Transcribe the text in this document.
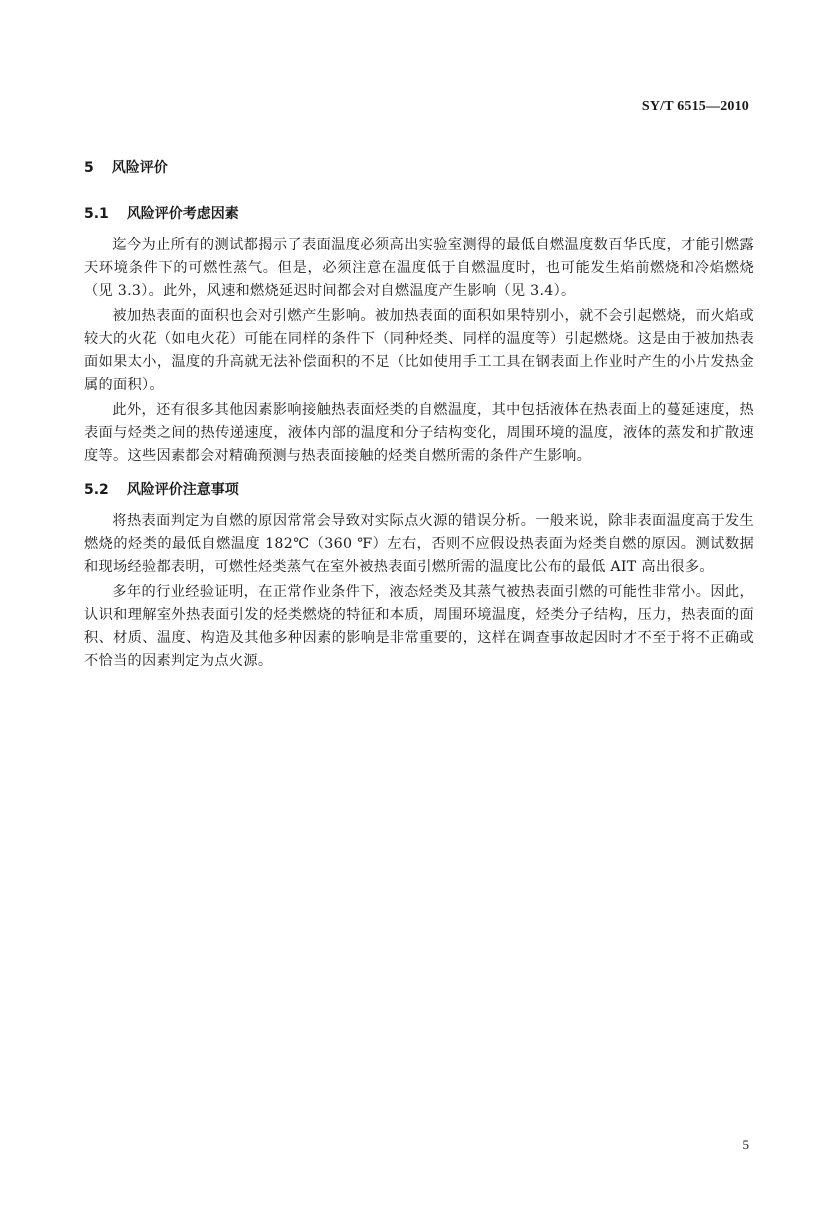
SY/T 6515—2010
5 风险评价
5.1 风险评价考虑因素

迄今为止所有的测试都揭示了表面温度必须高出实验室测得的最低自燃温度数百华氏度，才能引燃露天环境条件下的可燃性蒸气。但是，必须注意在温度低于自燃温度时，也可能发生焰前燃烧和冷焰燃烧（见 3.3）。此外，风速和燃烧延迟时间都会对自燃温度产生影响（见 3.4）。

被加热表面的面积也会对引燃产生影响。被加热表面的面积如果特别小，就不会引起燃烧，而火焰或较大的火花（如电火花）可能在同样的条件下（同种烃类、同样的温度等）引起燃烧。这是由于被加热表面如果太小，温度的升高就无法补偿面积的不足（比如使用手工工具在钢表面上作业时产生的小片发热金属的面积）。

此外，还有很多其他因素影响接触热表面烃类的自燃温度，其中包括液体在热表面上的蔓延速度，热表面与烃类之间的热传递速度，液体内部的温度和分子结构变化，周围环境的温度，液体的蒸发和扩散速度等。这些因素都会对精确预测与热表面接触的烃类自燃所需的条件产生影响。

5.2 风险评价注意事项

将热表面判定为自燃的原因常常会导致对实际点火源的错误分析。一般来说，除非表面温度高于发生燃烧的烃类的最低自燃温度 182℃（360 ℉）左右，否则不应假设热表面为烃类自燃的原因。测试数据和现场经验都表明，可燃性烃类蒸气在室外被热表面引燃所需的温度比公布的最低 AIT 高出很多。

多年的行业经验证明，在正常作业条件下，液态烃类及其蒸气被热表面引燃的可能性非常小。因此，认识和理解室外热表面引发的烃类燃烧的特征和本质，周围环境温度，烃类分子结构，压力，热表面的面积、材质、温度、构造及其他多种因素的影响是非常重要的，这样在调查事故起因时才不至于将不正确或不恰当的因素判定为点火源。

5
